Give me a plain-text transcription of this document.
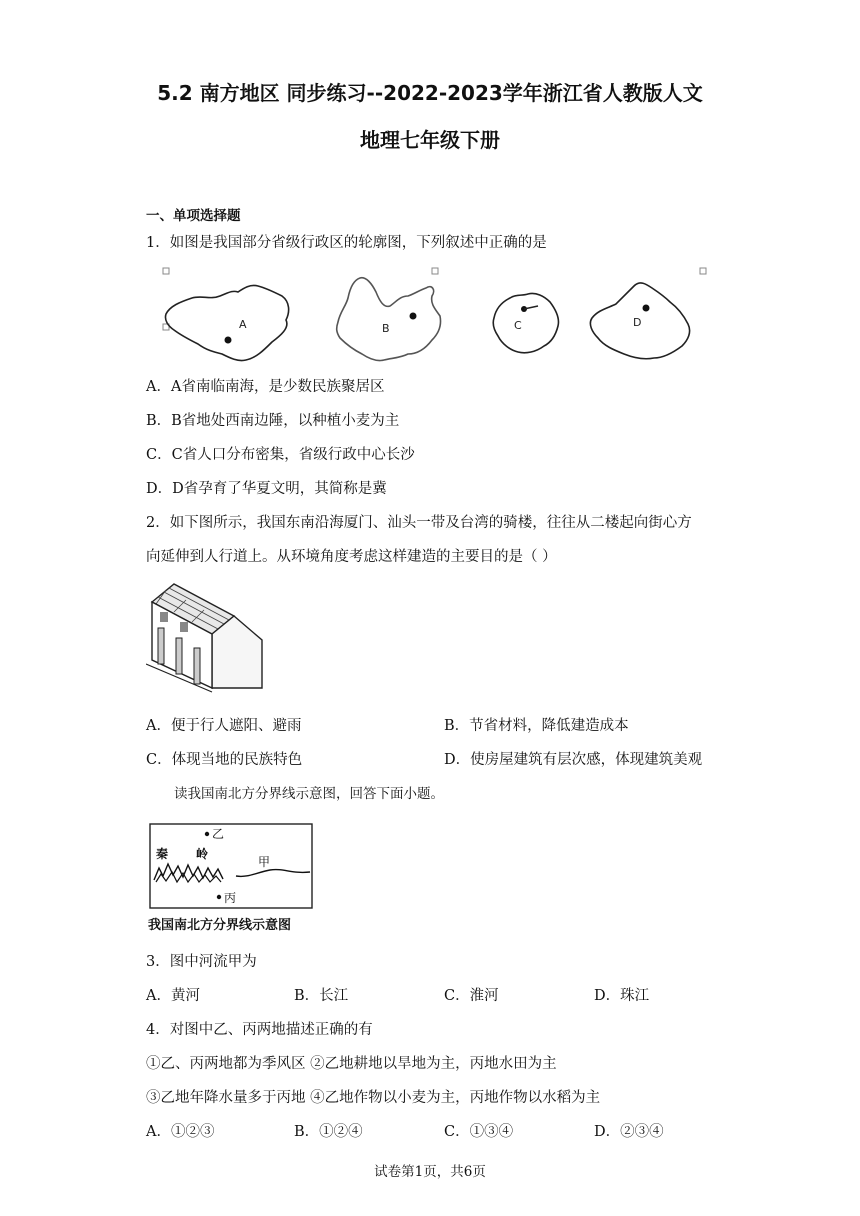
5.2 南方地区 同步练习--2022-2023学年浙江省人教版人文
地理七年级下册
一、单项选择题
1．如图是我国部分省级行政区的轮廓图，下列叙述中正确的是
A	B	C	D
A．A省南临南海，是少数民族聚居区
B．B省地处西南边陲，以种植小麦为主
C．C省人口分布密集，省级行政中心长沙
D．D省孕育了华夏文明，其简称是冀
2．如下图所示，我国东南沿海厦门、汕头一带及台湾的骑楼，往往从二楼起向街心方
向延伸到人行道上。从环境角度考虑这样建造的主要目的是（ ）
A．便于行人遮阳、避雨	B．节省材料，降低建造成本
C．体现当地的民族特色	D．使房屋建筑有层次感，体现建筑美观
读我国南北方分界线示意图，回答下面小题。
乙
秦 岭
甲
丙
我国南北方分界线示意图
3．图中河流甲为
A．黄河	B．长江	C．淮河	D．珠江
4．对图中乙、丙两地描述正确的有
①乙、丙两地都为季风区 ②乙地耕地以旱地为主，丙地水田为主
③乙地年降水量多于丙地 ④乙地作物以小麦为主，丙地作物以水稻为主
A．①②③	B．①②④	C．①③④	D．②③④
试卷第1页，共6页
